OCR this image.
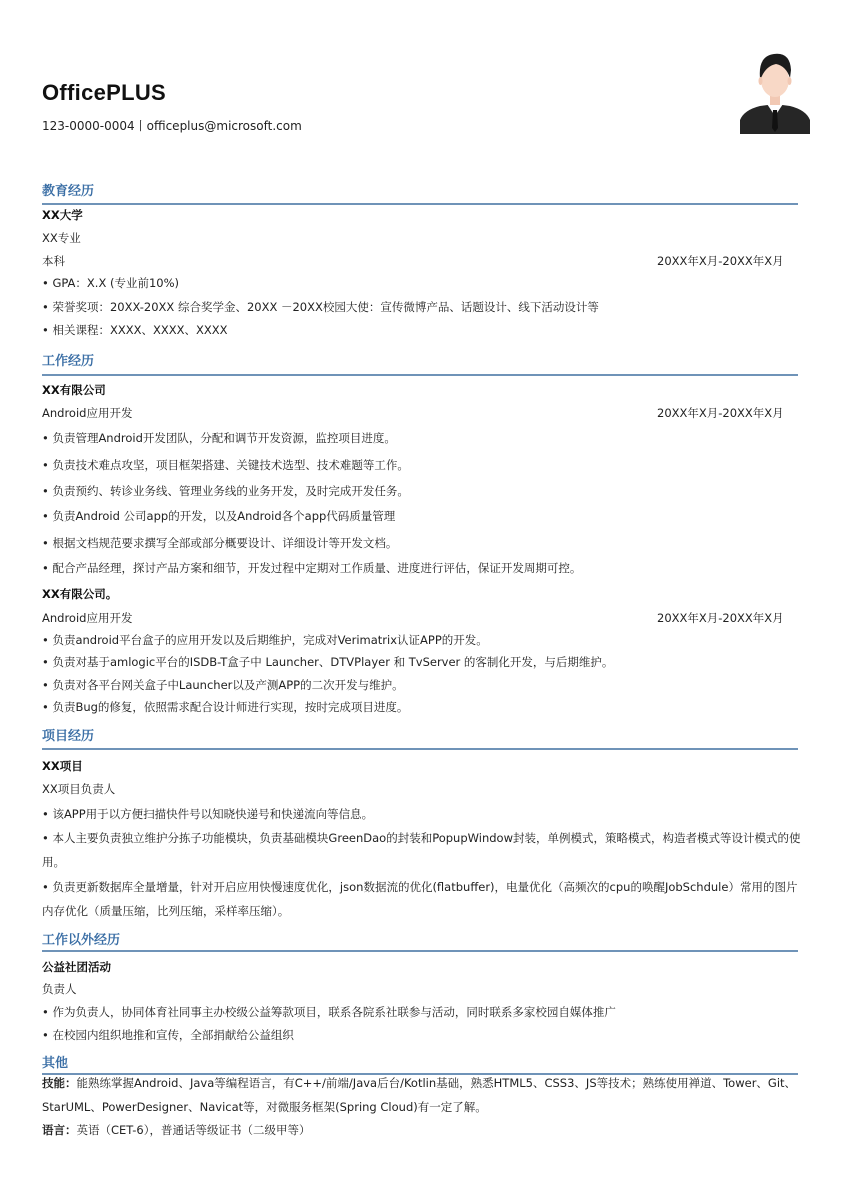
OfficePLUS
123-0000-0004丨officeplus@microsoft.com
教育经历
XX大学
XX专业
本科	20XX年X月-20XX年X月
• GPA：X.X (专业前10%)
• 荣誉奖项：20XX-20XX 综合奖学金、20XX －20XX校园大使：宣传微博产品、话题设计、线下活动设计等
• 相关课程：XXXX、XXXX、XXXX
工作经历
XX有限公司
Android应用开发	20XX年X月-20XX年X月
• 负责管理Android开发团队，分配和调节开发资源，监控项目进度。
• 负责技术难点攻坚，项目框架搭建、关键技术选型、技术难题等工作。
• 负责预约、转诊业务线、管理业务线的业务开发，及时完成开发任务。
• 负责Android 公司app的开发，以及Android各个app代码质量管理
• 根据文档规范要求撰写全部或部分概要设计、详细设计等开发文档。
• 配合产品经理，探讨产品方案和细节，开发过程中定期对工作质量、进度进行评估，保证开发周期可控。
XX有限公司。
Android应用开发	20XX年X月-20XX年X月
• 负责android平台盒子的应用开发以及后期维护，完成对Verimatrix认证APP的开发。
• 负责对基于amlogic平台的ISDB-T盒子中 Launcher、DTVPlayer 和 TvServer 的客制化开发，与后期维护。
• 负责对各平台网关盒子中Launcher以及产测APP的二次开发与维护。
• 负责Bug的修复，依照需求配合设计师进行实现，按时完成项目进度。
项目经历
XX项目
XX项目负责人
• 该APP用于以方便扫描快件号以知晓快递号和快递流向等信息。
• 本人主要负责独立维护分拣子功能模块，负责基础模块GreenDao的封装和PopupWindow封装，单例模式，策略模式，构造者模式等设计模式的使用。
• 负责更新数据库全量增量，针对开启应用快慢速度优化，json数据流的优化(flatbuffer)，电量优化（高频次的cpu的唤醒JobSchdule）常用的图片内存优化（质量压缩，比列压缩，采样率压缩）。
工作以外经历
公益社团活动
负责人
• 作为负责人，协同体育社同事主办校级公益筹款项目，联系各院系社联参与活动，同时联系多家校园自媒体推广
• 在校园内组织地推和宣传，全部捐献给公益组织
其他
技能：能熟练掌握Android、Java等编程语言，有C++/前端/Java后台/Kotlin基础，熟悉HTML5、CSS3、JS等技术；熟练使用禅道、Tower、Git、StarUML、PowerDesigner、Navicat等，对微服务框架(Spring Cloud)有一定了解。
语言：英语（CET-6），普通话等级证书（二级甲等）
